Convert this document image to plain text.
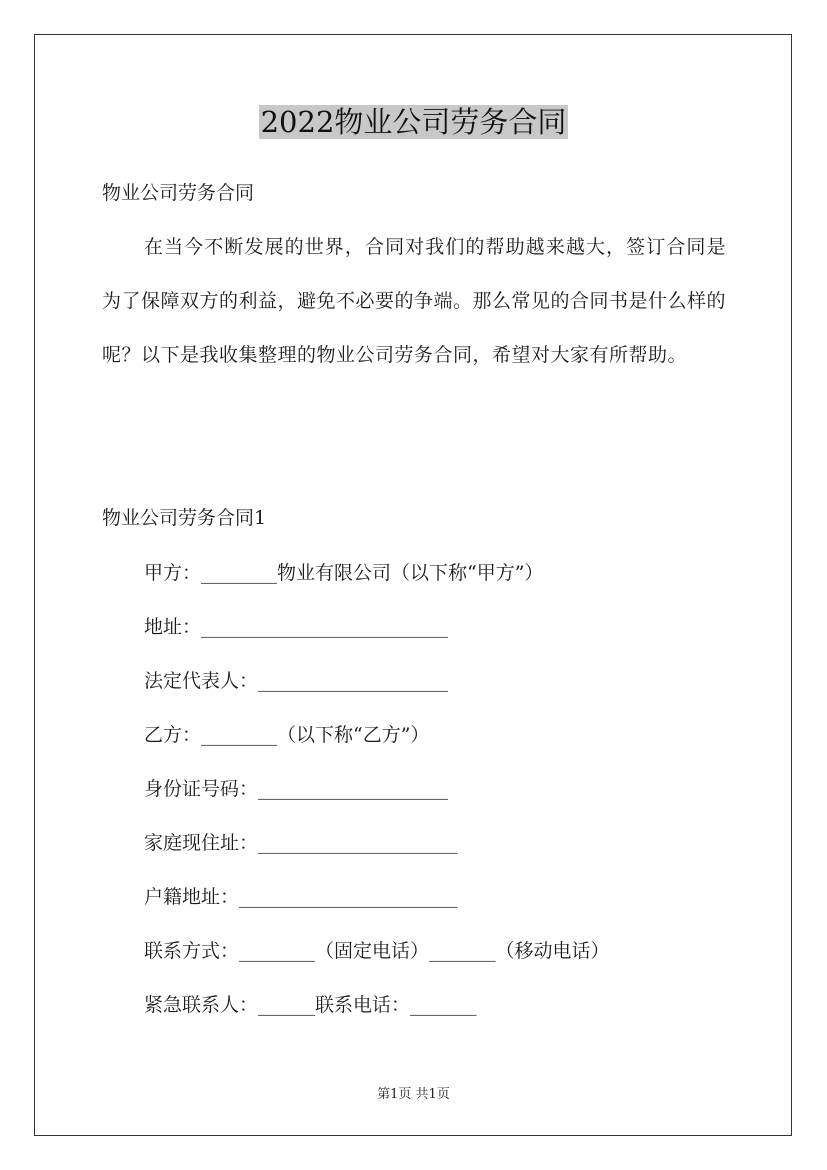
2022物业公司劳务合同
物业公司劳务合同
在当今不断发展的世界，合同对我们的帮助越来越大，签订合同是为了保障双方的利益，避免不必要的争端。那么常见的合同书是什么样的呢？以下是我收集整理的物业公司劳务合同，希望对大家有所帮助。
物业公司劳务合同1
甲方：________物业有限公司（以下称“甲方”）
地址：__________________________
法定代表人：____________________
乙方：________（以下称“乙方”）
身份证号码：____________________
家庭现住址：_____________________
户籍地址：_______________________
联系方式：________（固定电话）_______（移动电话）
紧急联系人：______联系电话：_______
第1页 共1页
